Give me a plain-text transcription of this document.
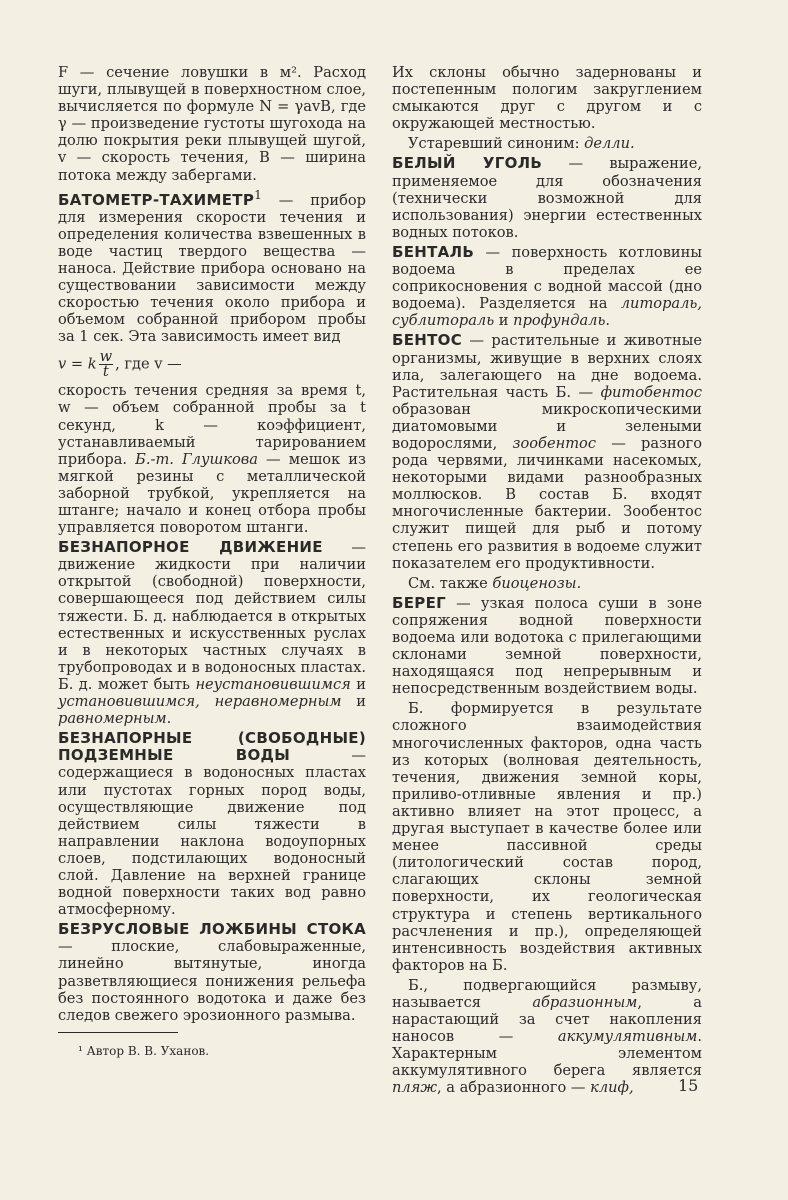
F — сечение ловушки в м². Расход шуги, плывущей в поверхностном слое, вычисляется по формуле N = γavB, где γ — произведение густоты шугохода на долю покрытия реки плывущей шугой, v — скорость течения, B — ширина потока между забергами.

БАТОМЕТР-ТАХИМЕТР$^1$ — прибор для измерения скорости течения и определения количества взвешенных в воде частиц твердого вещества — наноса. Действие прибора основано на существовании зависимости между скоростью течения около прибора и объемом собранной прибором пробы за 1 сек. Эта зависимость имеет вид

v = k $\frac{w}{t}$ , где v —

скорость течения средняя за время t, w — объем собранной пробы за t секунд, k — коэффициент, устанавливаемый тарированием прибора. Б.-т. Глушкова — мешок из мягкой резины с металлической заборной трубкой, укрепляется на штанге; начало и конец отбора пробы управляется поворотом штанги.

БЕЗНАПОРНОЕ ДВИЖЕНИЕ — движение жидкости при наличии открытой (свободной) поверхности, совершающееся под действием силы тяжести. Б. д. наблюдается в открытых естественных и искусственных руслах и в некоторых частных случаях в трубопроводах и в водоносных пластах. Б. д. может быть неустановившимся и установившимся, неравномерным и равномерным.

БЕЗНАПОРНЫЕ (СВОБОДНЫЕ) ПОДЗЕМНЫЕ ВОДЫ — содержащиеся в водоносных пластах или пустотах горных пород воды, осуществляющие движение под действием силы тяжести в направлении наклона водоупорных слоев, подстилающих водоносный слой. Давление на верхней границе водной поверхности таких вод равно атмосферному.

БЕЗРУСЛОВЫЕ ЛОЖБИНЫ СТОКА — плоские, слабовыраженные, линейно вытянутые, иногда разветвляющиеся понижения рельефа без постоянного водотока и даже без следов свежего эрозионного размыва.

Их склоны обычно задернованы и постепенным пологим закруглением смыкаются друг с другом и с окружающей местностью.

Устаревший синоним: делли.

БЕЛЫЙ УГОЛЬ — выражение, применяемое для обозначения (технически возможной для использования) энергии естественных водных потоков.

БЕНТАЛЬ — поверхность котловины водоема в пределах ее соприкосновения с водной массой (дно водоема). Разделяется на литораль, сублитораль и профундаль.

БЕНТОС — растительные и животные организмы, живущие в верхних слоях ила, залегающего на дне водоема. Растительная часть Б. — фитобентос образован микроскопическими диатомовыми и зелеными водорослями, зообентос — разного рода червями, личинками насекомых, некоторыми видами разнообразных моллюсков. В состав Б. входят многочисленные бактерии. Зообентос служит пищей для рыб и потому степень его развития в водоеме служит показателем его продуктивности.

См. также биоценозы.

БЕРЕГ — узкая полоса суши в зоне сопряжения водной поверхности водоема или водотока с прилегающими склонами земной поверхности, находящаяся под непрерывным и непосредственным воздействием воды.

Б. формируется в результате сложного взаимодействия многочисленных факторов, одна часть из которых (волновая деятельность, течения, движения земной коры, приливо-отливные явления и пр.) активно влияет на этот процесс, а другая выступает в качестве более или менее пассивной среды (литологический состав пород, слагающих склоны земной поверхности, их геологическая структура и степень вертикального расчленения и пр.), определяющей интенсивность воздействия активных факторов на Б.

Б., подвергающийся размыву, называется абразионным, а нарастающий за счет накопления наносов — аккумулятивным. Характерным элементом аккумулятивного берега является пляж, а абразионного — клиф,

¹ Автор В. В. Уханов.
15
